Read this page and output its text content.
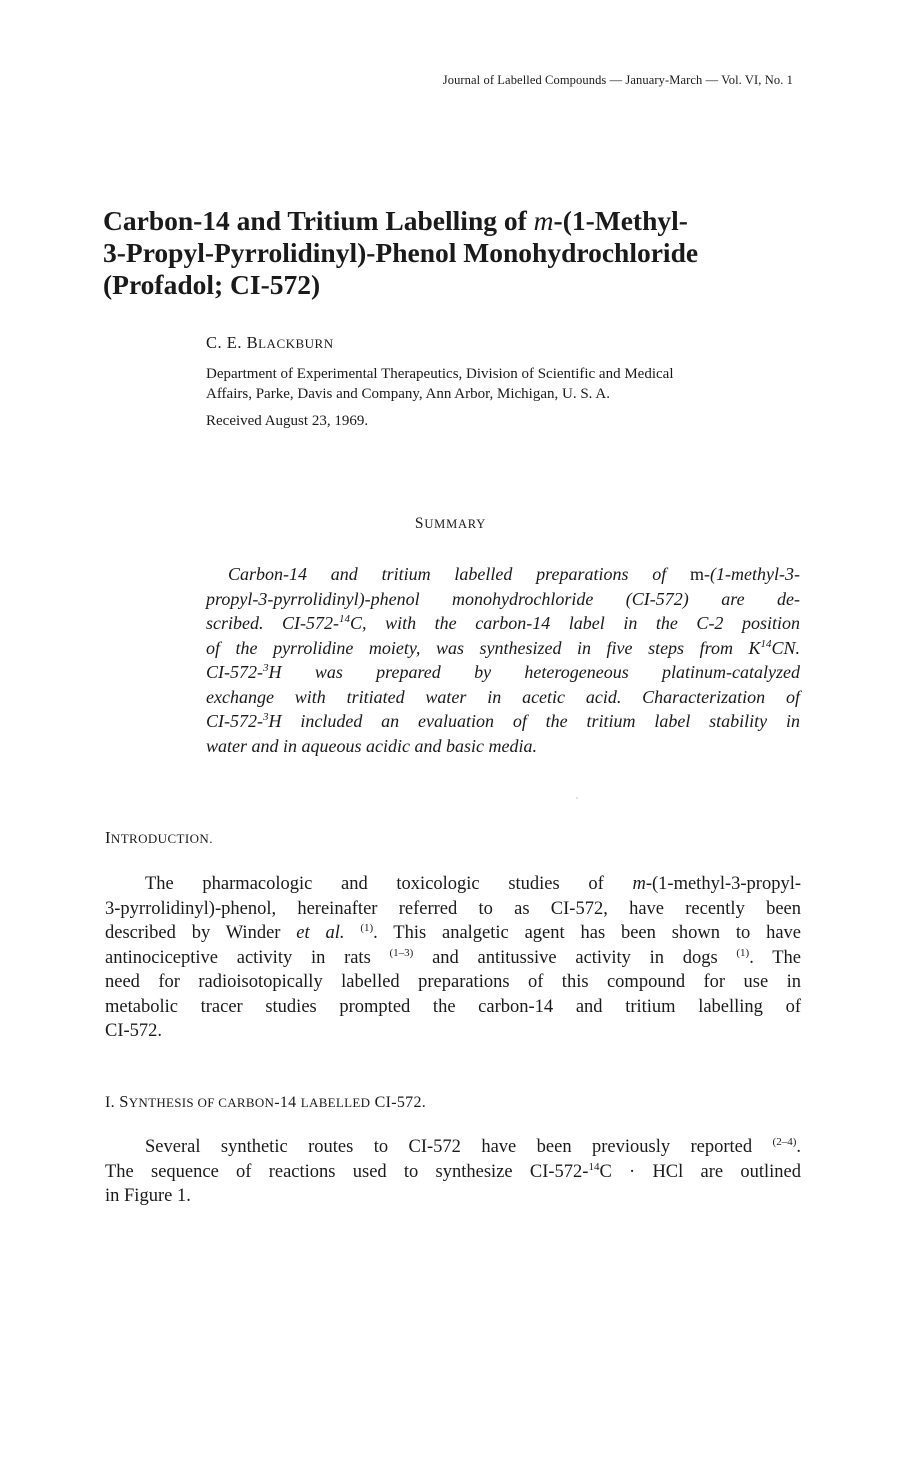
Journal of Labelled Compounds — January-March — Vol. VI, No. 1
Carbon-14 and Tritium Labelling of m-(1-Methyl-
3-Propyl-Pyrrolidinyl)-Phenol Monohydrochloride
(Profadol; CI-572)
C. E. BLACKBURN
Department of Experimental Therapeutics, Division of Scientific and Medical
Affairs, Parke, Davis and Company, Ann Arbor, Michigan, U. S. A.
Received August 23, 1969.
SUMMARY
Carbon-14 and tritium labelled preparations of m-(1-methyl-3-
propyl-3-pyrrolidinyl)-phenol monohydrochloride (CI-572) are de-
scribed. CI-572-$^{14}$C, with the carbon-14 label in the C-2 position
of the pyrrolidine moiety, was synthesized in five steps from $K^{14}CN$.
CI-572-$^3$H was prepared by heterogeneous platinum-catalyzed
exchange with tritiated water in acetic acid. Characterization of
CI-572-$^3$H included an evaluation of the tritium label stability in
water and in aqueous acidic and basic media.
INTRODUCTION.
The pharmacologic and toxicologic studies of m-(1-methyl-3-propyl-
3-pyrrolidinyl)-phenol, hereinafter referred to as CI-572, have recently been
described by Winder et al. $^{(1)}$. This analgetic agent has been shown to have
antinociceptive activity in rats $^{(1-3)}$ and antitussive activity in dogs $^{(1)}$. The
need for radioisotopically labelled preparations of this compound for use in
metabolic tracer studies prompted the carbon-14 and tritium labelling of
CI-572.
I. SYNTHESIS OF CARBON-14 LABELLED CI-572.
Several synthetic routes to CI-572 have been previously reported $^{(2-4)}$.
The sequence of reactions used to synthesize CI-572-$^{14}$C · HCl are outlined
in Figure 1.
